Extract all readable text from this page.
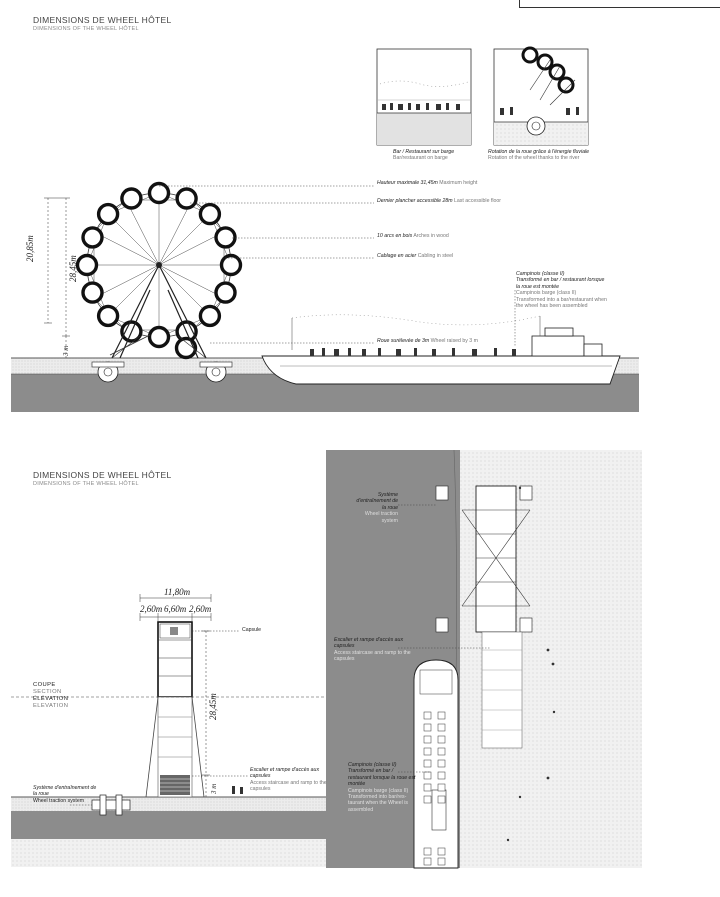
DIMENSIONS DE WHEEL HÔTEL
DIMENSIONS OF THE WHEEL HÔTEL
Bar / Restaurant sur barge
Bar/restaurant on barge
Rotation de la roue grâce à l'énergie fluviale
Rotation of the wheel thanks to the river
Hauteur maximale 31,45m Maximum height
Dernier plancher accessible 28m Last accessible floor
10 arcs en bois Arches in wood
Cablage en acier Cabling in steel
Campinois (classe II)
Transformé en bar / restaurant lorsque
la roue est montée
Campinois barge (class II)
Transformed into a bar/restaurant when
the wheel has been assembled
Roue surélevée de 3m Wheel raised by 3 m
20,85m
28,45m
3 m
DIMENSIONS DE WHEEL HÔTEL
DIMENSIONS OF THE WHEEL HÔTEL
11,80m
2,60m 6,60m 2,60m
28,45m
3 m
COUPE
SECTION
ÉLÉVATION
ELEVATION
Capsule
Escalier et rampe d'accès aux
capsules
Access staircase and ramp to the
capsules
Système d'entraînement de
la roue
Wheel traction system
Système
d'entraînement de
la roue
Wheel traction
system
Escalier et rampe d'accès aux
capsules
Access staircase and ramp to the
capsules
Campinois (classe II)
Transformé en bar /
restaurant lorsque la roue est
montée
Campinois barge (class II)
Transformed into bar/res-
taurant when the Wheel is
assembled
